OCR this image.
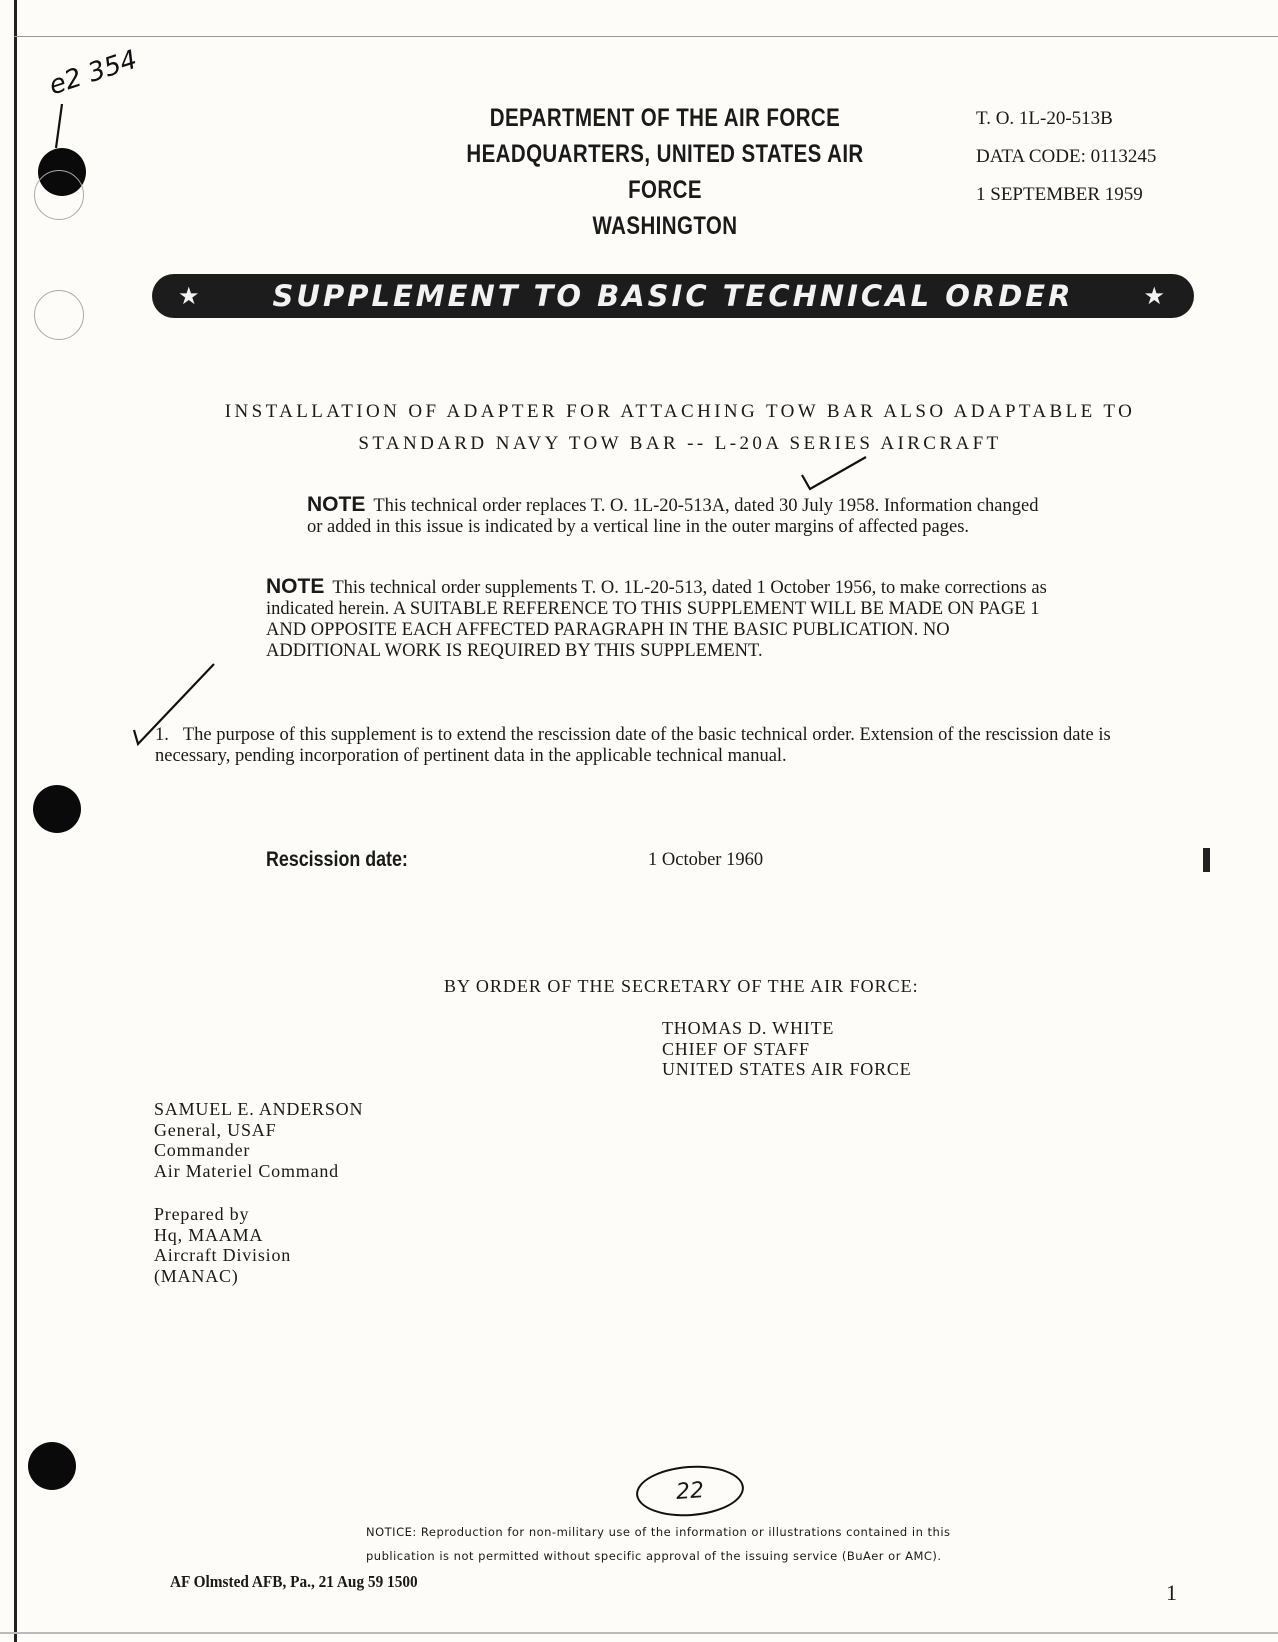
e2 354
DEPARTMENT OF THE AIR FORCE
HEADQUARTERS, UNITED STATES AIR FORCE
WASHINGTON
T. O. 1L-20-513B
DATA CODE: 0113245
1 SEPTEMBER 1959
★ SUPPLEMENT TO BASIC TECHNICAL ORDER	★
INSTALLATION OF ADAPTER FOR ATTACHING TOW BAR ALSO ADAPTABLE TO
STANDARD NAVY TOW BAR -- L-20A SERIES AIRCRAFT
NOTE This technical order replaces T. O. 1L-20-513A, dated 30 July 1958. Information changed or added in this issue is indicated by a vertical line in the outer margins of affected pages.
NOTE This technical order supplements T. O. 1L-20-513, dated 1 October 1956, to make corrections as indicated herein. A SUITABLE REFERENCE TO THIS SUPPLEMENT WILL BE MADE ON PAGE 1 AND OPPOSITE EACH AFFECTED PARAGRAPH IN THE BASIC PUBLICATION. NO ADDITIONAL WORK IS REQUIRED BY THIS SUPPLEMENT.
1. The purpose of this supplement is to extend the rescission date of the basic technical order. Extension of the rescission date is necessary, pending incorporation of pertinent data in the applicable technical manual.
Rescission date:	1 October 1960
BY ORDER OF THE SECRETARY OF THE AIR FORCE:
THOMAS D. WHITE
CHIEF OF STAFF
UNITED STATES AIR FORCE
SAMUEL E. ANDERSON
General, USAF
Commander
Air Materiel Command
Prepared by
Hq, MAAMA
Aircraft Division
(MANAC)
22
NOTICE: Reproduction for non-military use of the information or illustrations contained in this
publication is not permitted without specific approval of the issuing service (BuAer or AMC).
AF Olmsted AFB, Pa., 21 Aug 59 1500	1
